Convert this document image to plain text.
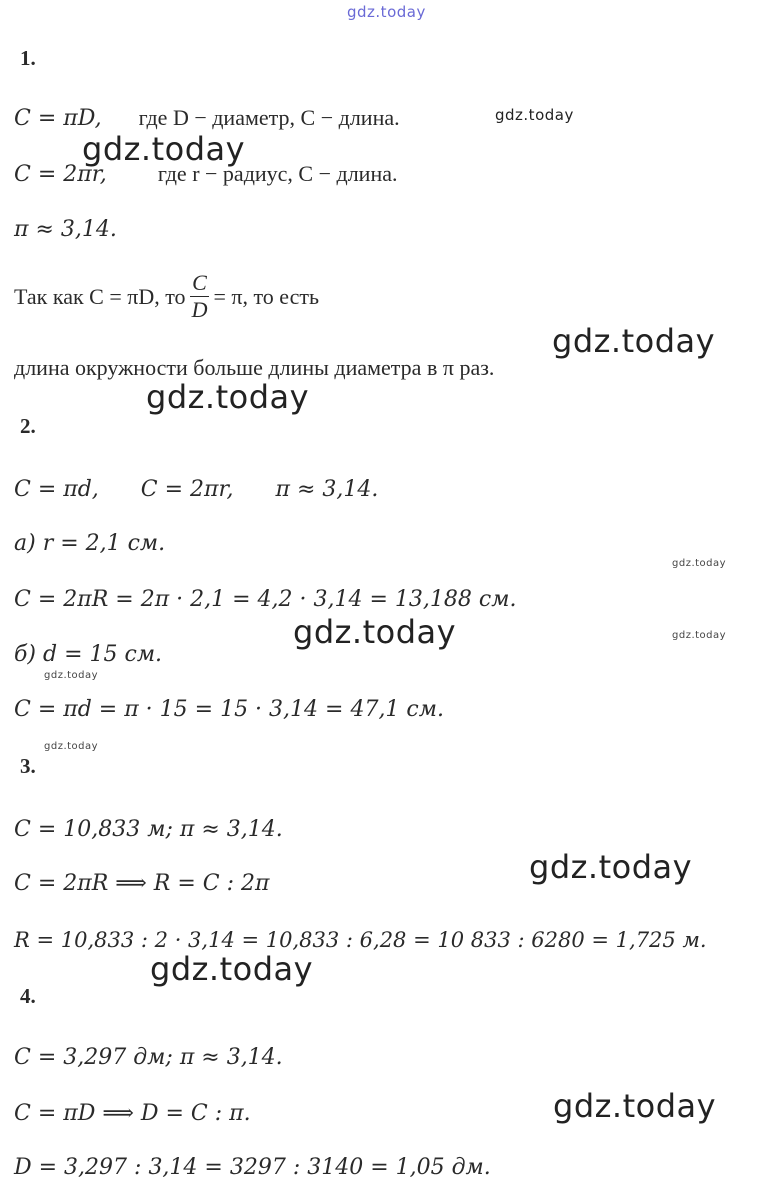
gdz.today
gdz.today
gdz.today
gdz.today
gdz.today
gdz.today
gdz.today	gdz.today
gdz.today
gdz.today
gdz.today
gdz.today
gdz.today
1.
C = πD, где D − диаметр, C − длина.
C = 2πr, где r − радиус, C − длина.
π ≈ 3,14.
Так как C = πD, то $\frac{C}{D} = \pi$, то есть
длина окружности больше длины диаметра в π раз.
2.
C = πd,      C = 2πr,      π ≈ 3,14.
а) r = 2,1 см.
C = 2πR = 2π · 2,1 = 4,2 · 3,14 = 13,188 см.
б) d = 15 см.
C = πd = π · 15 = 15 · 3,14 = 47,1 см.
3.
C = 10,833 м; π ≈ 3,14.
C = 2πR ⟹ R = C : 2π
R = 10,833 : 2 · 3,14 = 10,833 : 6,28 = 10 833 : 6280 = 1,725 м.
4.
C = 3,297 дм; π ≈ 3,14.
C = πD ⟹ D = C : π.
D = 3,297 : 3,14 = 3297 : 3140 = 1,05 дм.
